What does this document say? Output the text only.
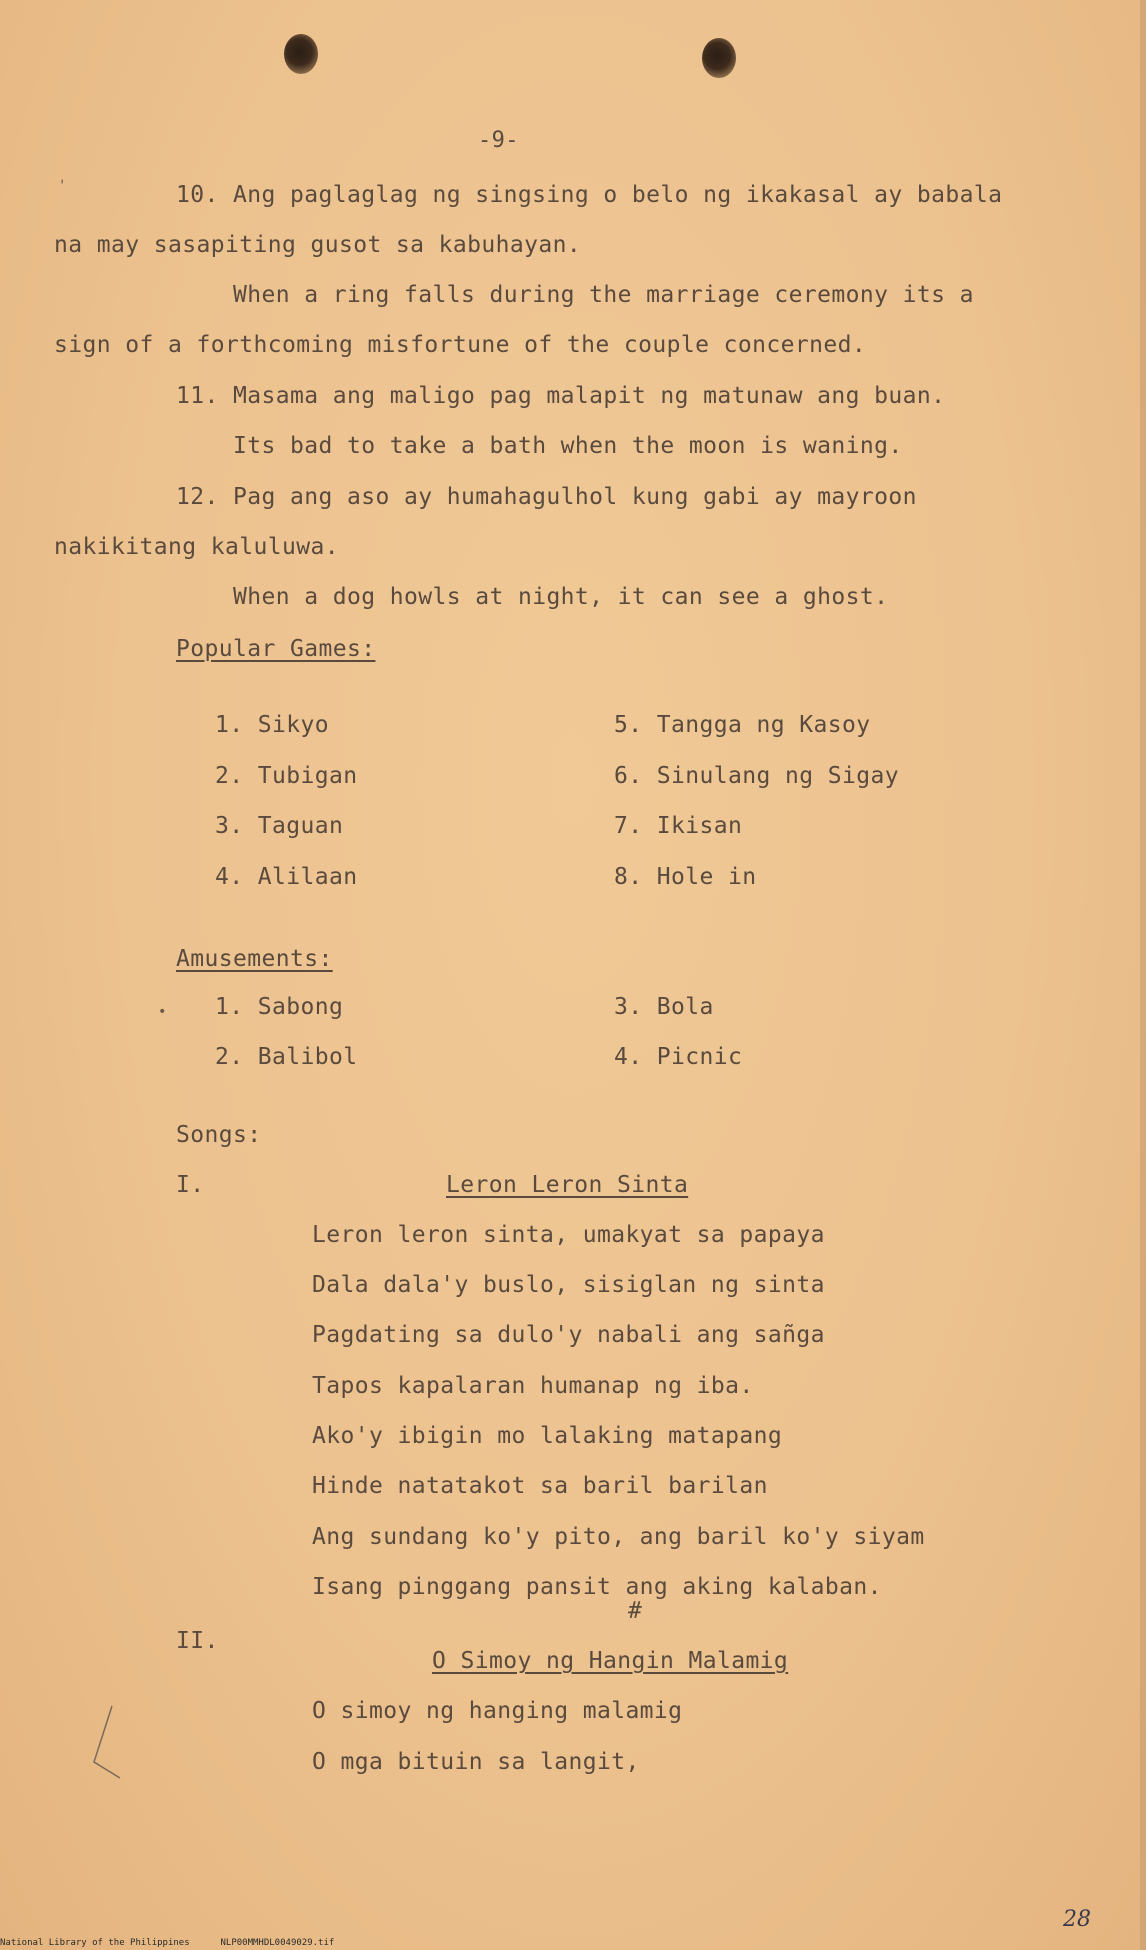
-9-
'	10. Ang paglaglag ng singsing o belo ng ikakasal ay babala
na may sasapiting gusot sa kabuhayan.
When a ring falls during the marriage ceremony its a
sign of a forthcoming misfortune of the couple concerned.
11. Masama ang maligo pag malapit ng matunaw ang buan.
Its bad to take a bath when the moon is waning.
12. Pag ang aso ay humahagulhol kung gabi ay mayroon
nakikitang kaluluwa.
When a dog howls at night, it can see a ghost.
Popular Games:
1. Sikyo
2. Tubigan
3. Taguan
4. Alilaan
5. Tangga ng Kasoy
6. Sinulang ng Sigay
7. Ikisan
8. Hole in
Amusements:
1. Sabong
2. Balibol
3. Bola
4. Picnic
•
Songs:
I.	Leron Leron Sinta
Leron leron sinta, umakyat sa papaya
Dala dala'y buslo, sisiglan ng sinta
Pagdating sa dulo'y nabali ang sañga
Tapos kapalaran humanap ng iba.
Ako'y ibigin mo lalaking matapang
Hinde natatakot sa baril barilan
Ang sundang ko'y pito, ang baril ko'y siyam
Isang pinggang pansit ang aking kalaban.
#
II.
O Simoy ng Hangin Malamig
O simoy ng hanging malamig
O mga bituin sa langit,
28
National Library of the Philippines	NLP00MMHDL0049029.tif
